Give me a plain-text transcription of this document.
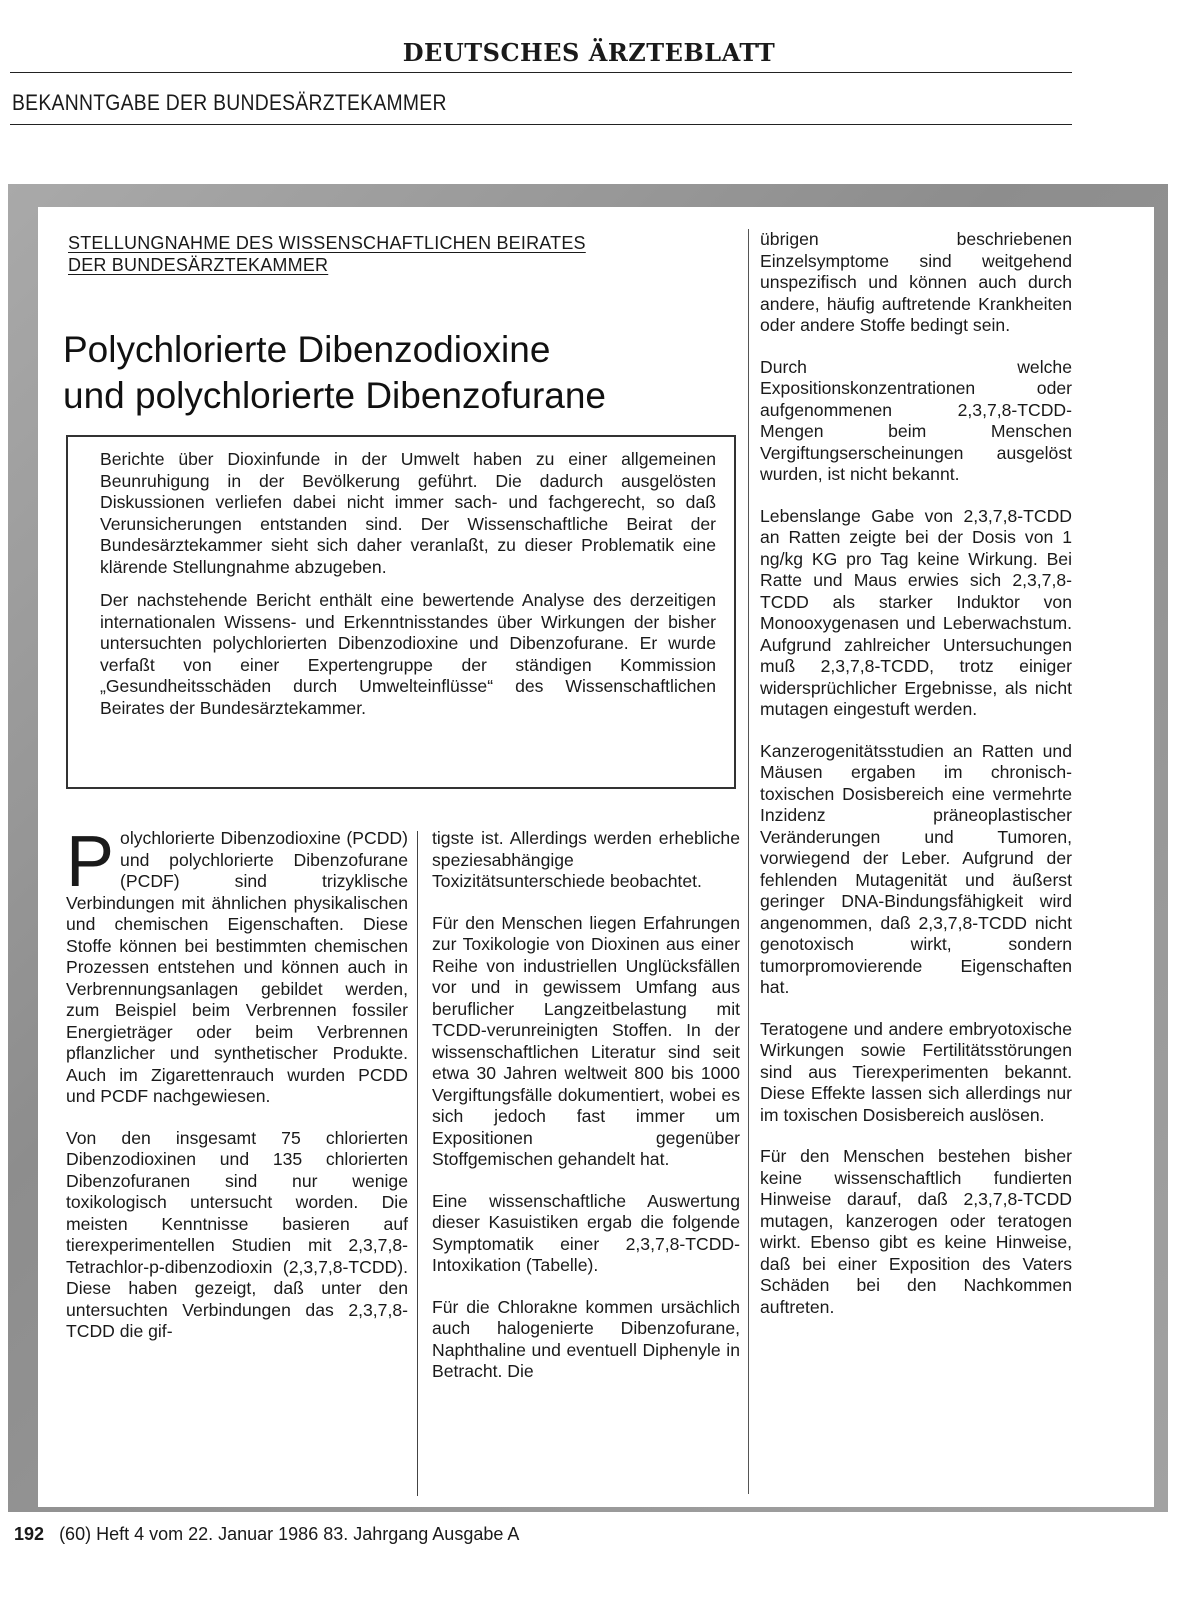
DEUTSCHES ÄRZTEBLATT
BEKANNTGABE DER BUNDESÄRZTEKAMMER
STELLUNGNAHME DES WISSENSCHAFTLICHEN BEIRATES
DER BUNDESÄRZTEKAMMER
Polychlorierte Dibenzodioxine
und polychlorierte Dibenzofurane

Berichte über Dioxinfunde in der Umwelt haben zu einer allgemeinen Beunruhigung in der Bevölkerung geführt. Die dadurch ausgelösten Diskussionen verliefen dabei nicht immer sach- und fachgerecht, so daß Verunsicherungen entstanden sind. Der Wissenschaftliche Beirat der Bundesärztekammer sieht sich daher veranlaßt, zu dieser Problematik eine klärende Stellungnahme abzugeben.

Der nachstehende Bericht enthält eine bewertende Analyse des derzeitigen internationalen Wissens- und Erkenntnisstandes über Wirkungen der bisher untersuchten polychlorierten Dibenzodioxine und Dibenzofurane. Er wurde verfaßt von einer Expertengruppe der ständigen Kommission „Gesundheitsschäden durch Umwelteinflüsse“ des Wissenschaftlichen Beirates der Bundesärztekammer.

Polychlorierte Dibenzodioxine (PCDD) und polychlorierte Dibenzofurane (PCDF) sind trizyklische Verbindungen mit ähnlichen physikalischen und chemischen Eigenschaften. Diese Stoffe können bei bestimmten chemischen Prozessen entstehen und können auch in Verbrennungsanlagen gebildet werden, zum Beispiel beim Verbrennen fossiler Energieträger oder beim Verbrennen pflanzlicher und synthetischer Produkte. Auch im Zigarettenrauch wurden PCDD und PCDF nachgewiesen.

Von den insgesamt 75 chlorierten Dibenzodioxinen und 135 chlorierten Dibenzofuranen sind nur wenige toxikologisch untersucht worden. Die meisten Kenntnisse basieren auf tierexperimentellen Studien mit 2,3,7,8-Tetrachlor-p-dibenzodioxin (2,3,7,8-TCDD). Diese haben gezeigt, daß unter den untersuchten Verbindungen das 2,3,7,8-TCDD die gif-

tigste ist. Allerdings werden erhebliche speziesabhängige Toxizitätsunterschiede beobachtet.

Für den Menschen liegen Erfahrungen zur Toxikologie von Dioxinen aus einer Reihe von industriellen Unglücksfällen vor und in gewissem Umfang aus beruflicher Langzeitbelastung mit TCDD-verunreinigten Stoffen. In der wissenschaftlichen Literatur sind seit etwa 30 Jahren weltweit 800 bis 1000 Vergiftungsfälle dokumentiert, wobei es sich jedoch fast immer um Expositionen gegenüber Stoffgemischen gehandelt hat.

Eine wissenschaftliche Auswertung dieser Kasuistiken ergab die folgende Symptomatik einer 2,3,7,8-TCDD-Intoxikation (Tabelle).

Für die Chlorakne kommen ursächlich auch halogenierte Dibenzofurane, Naphthaline und eventuell Diphenyle in Betracht. Die

übrigen beschriebenen Einzelsymptome sind weitgehend unspezifisch und können auch durch andere, häufig auftretende Krankheiten oder andere Stoffe bedingt sein.

Durch welche Expositionskonzentrationen oder aufgenommenen 2,3,7,8-TCDD-Mengen beim Menschen Vergiftungserscheinungen ausgelöst wurden, ist nicht bekannt.

Lebenslange Gabe von 2,3,7,8-TCDD an Ratten zeigte bei der Dosis von 1 ng/kg KG pro Tag keine Wirkung. Bei Ratte und Maus erwies sich 2,3,7,8-TCDD als starker Induktor von Monooxygenasen und Leberwachstum. Aufgrund zahlreicher Untersuchungen muß 2,3,7,8-TCDD, trotz einiger widersprüchlicher Ergebnisse, als nicht mutagen eingestuft werden.

Kanzerogenitätsstudien an Ratten und Mäusen ergaben im chronisch-toxischen Dosisbereich eine vermehrte Inzidenz präneoplastischer Veränderungen und Tumoren, vorwiegend der Leber. Aufgrund der fehlenden Mutagenität und äußerst geringer DNA-Bindungsfähigkeit wird angenommen, daß 2,3,7,8-TCDD nicht genotoxisch wirkt, sondern tumorpromovierende Eigenschaften hat.

Teratogene und andere embryotoxische Wirkungen sowie Fertilitätsstörungen sind aus Tierexperimenten bekannt. Diese Effekte lassen sich allerdings nur im toxischen Dosisbereich auslösen.

Für den Menschen bestehen bisher keine wissenschaftlich fundierten Hinweise darauf, daß 2,3,7,8-TCDD mutagen, kanzerogen oder teratogen wirkt. Ebenso gibt es keine Hinweise, daß bei einer Exposition des Vaters Schäden bei den Nachkommen auftreten.

192 (60) Heft 4 vom 22. Januar 1986 83. Jahrgang Ausgabe A
